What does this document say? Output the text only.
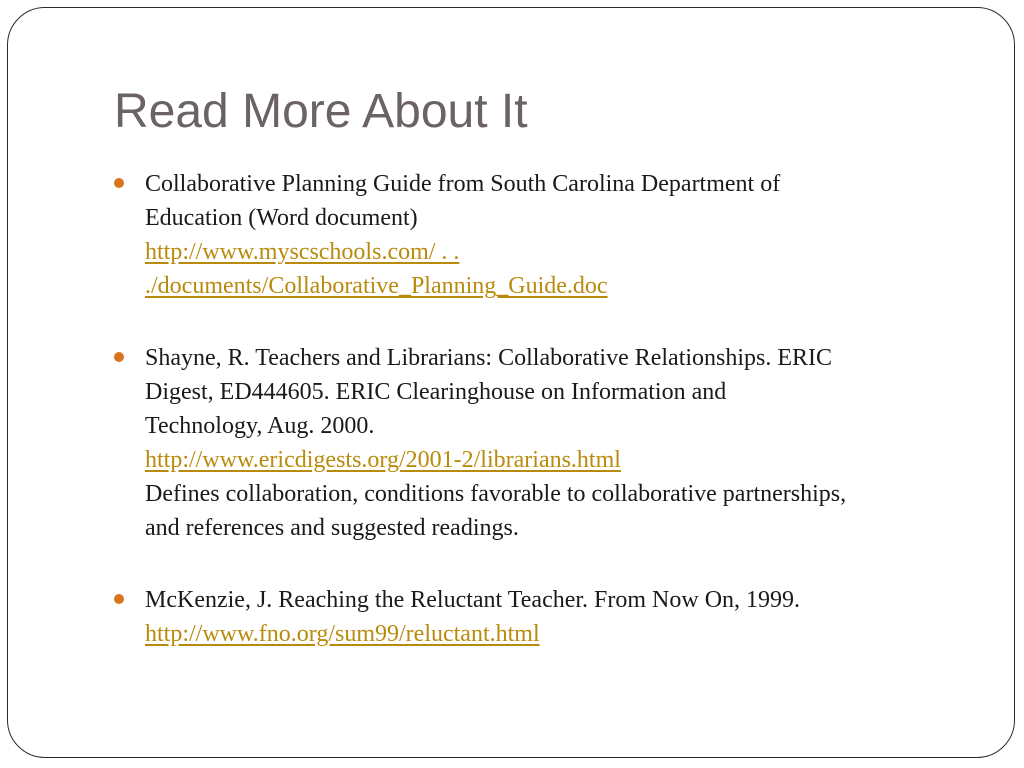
Read More About It
Collaborative Planning Guide from South Carolina Department of
Education (Word document)
http://www.myscschools.com/ . .
./documents/Collaborative_Planning_Guide.doc
Shayne, R. Teachers and Librarians: Collaborative Relationships. ERIC
Digest, ED444605. ERIC Clearinghouse on Information and
Technology, Aug. 2000.
http://www.ericdigests.org/2001-2/librarians.html
Defines collaboration, conditions favorable to collaborative partnerships,
and references and suggested readings.
McKenzie, J. Reaching the Reluctant Teacher. From Now On, 1999.
http://www.fno.org/sum99/reluctant.html
